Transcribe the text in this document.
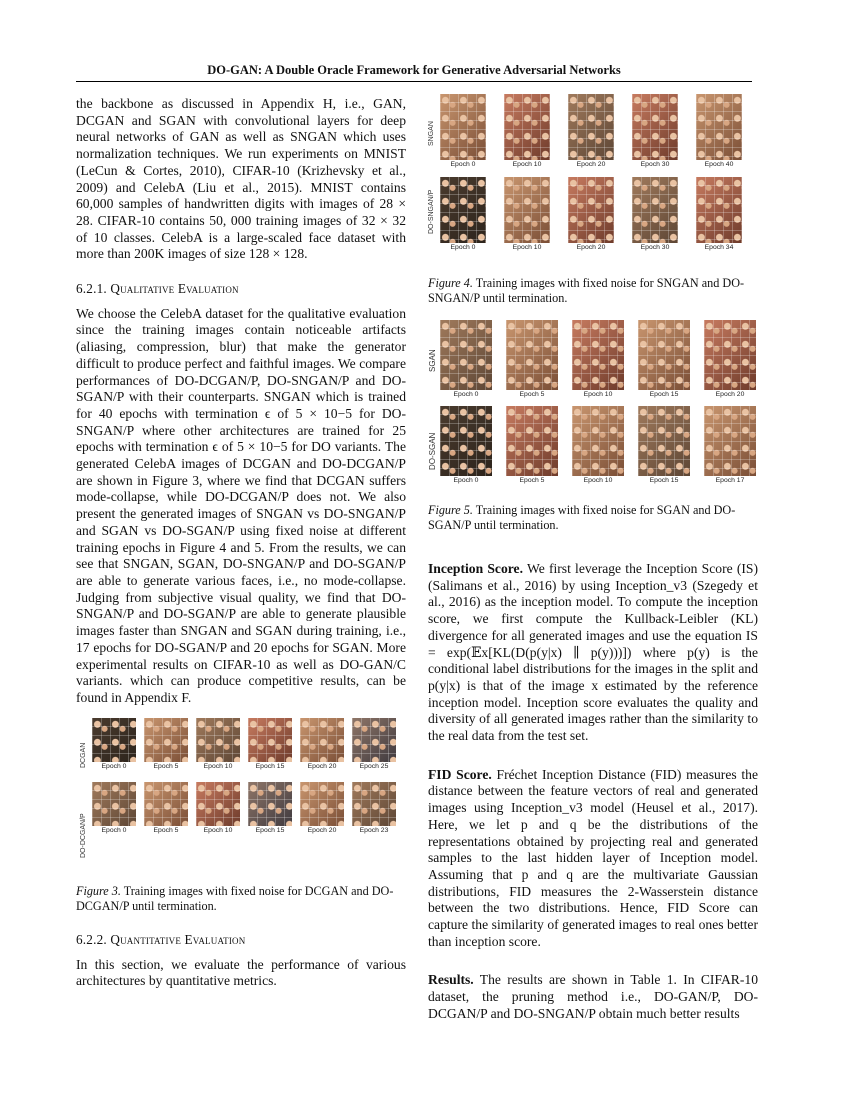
DO-GAN: A Double Oracle Framework for Generative Adversarial Networks

the backbone as discussed in Appendix H, i.e., GAN, DCGAN and SGAN with convolutional layers for deep neural networks of GAN as well as SNGAN which uses normalization techniques. We run experiments on MNIST (LeCun & Cortes, 2010), CIFAR-10 (Krizhevsky et al., 2009) and CelebA (Liu et al., 2015). MNIST contains 60,000 samples of handwritten digits with images of 28 × 28. CIFAR-10 contains 50, 000 training images of 32 × 32 of 10 classes. CelebA is a large-scaled face dataset with more than 200K images of size 128 × 128.

6.2.1. Qualitative Evaluation

We choose the CelebA dataset for the qualitative evaluation since the training images contain noticeable artifacts (aliasing, compression, blur) that make the generator difficult to produce perfect and faithful images. We compare performances of DO-DCGAN/P, DO-SNGAN/P and DO-SGAN/P with their counterparts. SNGAN which is trained for 40 epochs with termination ϵ of 5 × 10−5 for DO-SNGAN/P where other architectures are trained for 25 epochs with termination ϵ of 5 × 10−5 for DO variants. The generated CelebA images of DCGAN and DO-DCGAN/P are shown in Figure 3, where we find that DCGAN suffers mode-collapse, while DO-DCGAN/P does not. We also present the generated images of SNGAN vs DO-SNGAN/P and SGAN vs DO-SGAN/P using fixed noise at different training epochs in Figure 4 and 5. From the results, we can see that SNGAN, SGAN, DO-SNGAN/P and DO-SGAN/P are able to generate various faces, i.e., no mode-collapse. Judging from subjective visual quality, we find that DO-SNGAN/P and DO-SGAN/P are able to generate plausible images faster than SNGAN and SGAN during training, i.e., 17 epochs for DO-SGAN/P and 20 epochs for SGAN. More experimental results on CIFAR-10 as well as DO-GAN/C variants. which can produce competitive results, can be found in Appendix F.

DCGAN	Epoch 0	Epoch 5	Epoch 10	Epoch 15	Epoch 20	Epoch 25
DO-DCGAN/P	Epoch 0	Epoch 5	Epoch 10	Epoch 15	Epoch 20	Epoch 23
Figure 3. Training images with fixed noise for DCGAN and DO-DCGAN/P until termination.
6.2.2. Quantitative Evaluation

In this section, we evaluate the performance of various architectures by quantitative metrics.

SNGAN
Epoch 0	Epoch 10	Epoch 20	Epoch 30	Epoch 40
DO-SNGAN/P
Epoch 0	Epoch 10	Epoch 20	Epoch 30	Epoch 34
Figure 4. Training images with fixed noise for SNGAN and DO-SNGAN/P until termination.
SGAN
Epoch 0	Epoch 5	Epoch 10	Epoch 15	Epoch 20
DO-SGAN
Epoch 0	Epoch 5	Epoch 10	Epoch 15	Epoch 17
Figure 5. Training images with fixed noise for SGAN and DO-SGAN/P until termination.

Inception Score. We first leverage the Inception Score (IS) (Salimans et al., 2016) by using Inception_v3 (Szegedy et al., 2016) as the inception model. To compute the inception score, we first compute the Kullback-Leibler (KL) divergence for all generated images and use the equation IS = exp(𝔼x[KL(D(p(y|x) ∥ p(y)))]) where p(y) is the conditional label distributions for the images in the split and p(y|x) is that of the image x estimated by the reference inception model. Inception score evaluates the quality and diversity of all generated images rather than the similarity to the real data from the test set.

FID Score. Fréchet Inception Distance (FID) measures the distance between the feature vectors of real and generated images using Inception_v3 model (Heusel et al., 2017). Here, we let p and q be the distributions of the representations obtained by projecting real and generated samples to the last hidden layer of Inception model. Assuming that p and q are the multivariate Gaussian distributions, FID measures the 2-Wasserstein distance between the two distributions. Hence, FID Score can capture the similarity of generated images to real ones better than inception score.

Results. The results are shown in Table 1. In CIFAR-10 dataset, the pruning method i.e., DO-GAN/P, DO-DCGAN/P and DO-SNGAN/P obtain much better results
